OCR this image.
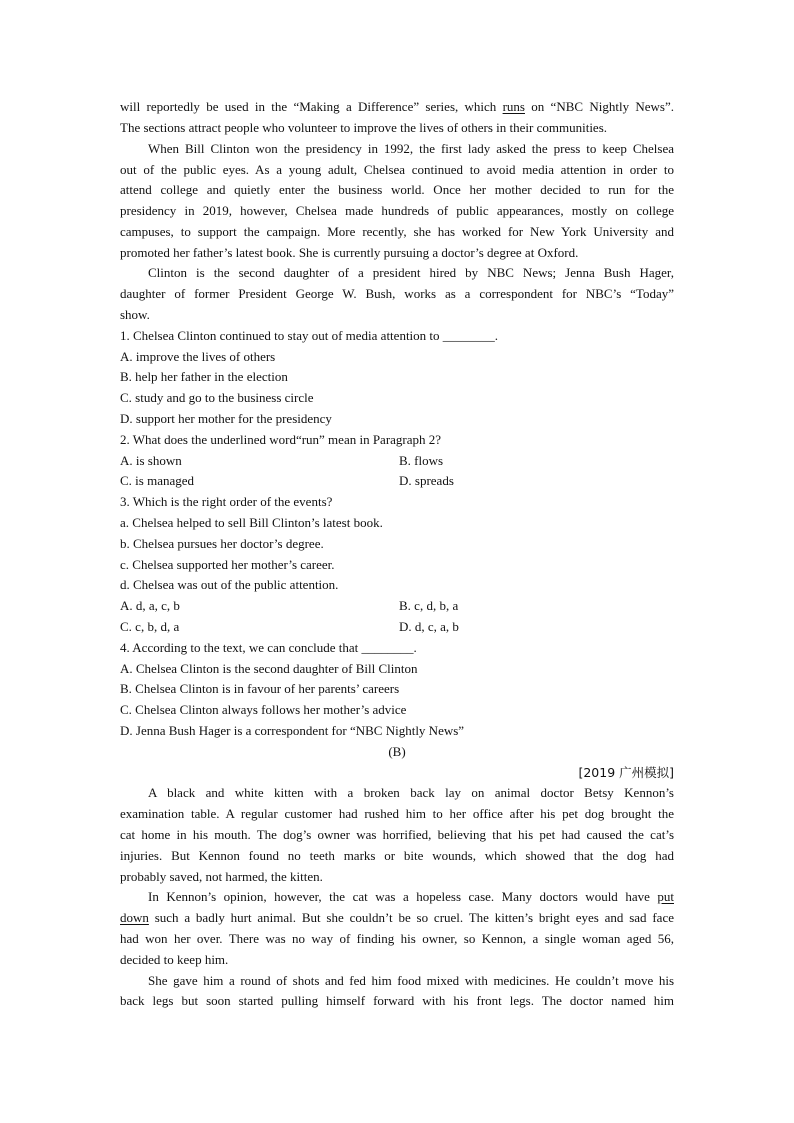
will reportedly be used in the “Making a Difference” series, which runs on “NBC Nightly News”.
The sections attract people who volunteer to improve the lives of others in their communities.
When Bill Clinton won the presidency in 1992, the first lady asked the press to keep Chelsea
out of the public eyes. As a young adult, Chelsea continued to avoid media attention in order to
attend college and quietly enter the business world. Once her mother decided to run for the
presidency in 2019, however, Chelsea made hundreds of public appearances, mostly on college
campuses, to support the campaign. More recently, she has worked for New York University and
promoted her father’s latest book. She is currently pursuing a doctor’s degree at Oxford.
Clinton is the second daughter of a president hired by NBC News; Jenna Bush Hager,
daughter of former President George W. Bush, works as a correspondent for NBC’s “Today”
show.
1. Chelsea Clinton continued to stay out of media attention to ________.
A. improve the lives of others
B. help her father in the election
C. study and go to the business circle
D. support her mother for the presidency
2. What does the underlined word“run” mean in Paragraph 2?
A. is shown	B. flows
C. is managed	D. spreads
3. Which is the right order of the events?
a. Chelsea helped to sell Bill Clinton’s latest book.
b. Chelsea pursues her doctor’s degree.
c. Chelsea supported her mother’s career.
d. Chelsea was out of the public attention.
A. d, a, c, b	B. c, d, b, a
C. c, b, d, a	D. d, c, a, b
4. According to the text, we can conclude that ________.
A. Chelsea Clinton is the second daughter of Bill Clinton
B. Chelsea Clinton is in favour of her parents’ careers
C. Chelsea Clinton always follows her mother’s advice
D. Jenna Bush Hager is a correspondent for “NBC Nightly News”
(B)
[2019 广州模拟]
A black and white kitten with a broken back lay on animal doctor Betsy Kennon’s
examination table. A regular customer had rushed him to her office after his pet dog brought the
cat home in his mouth. The dog’s owner was horrified, believing that his pet had caused the cat’s
injuries. But Kennon found no teeth marks or bite wounds, which showed that the dog had
probably saved, not harmed, the kitten.
In Kennon’s opinion, however, the cat was a hopeless case. Many doctors would have put
down such a badly hurt animal. But she couldn’t be so cruel. The kitten’s bright eyes and sad face
had won her over. There was no way of finding his owner, so Kennon, a single woman aged 56,
decided to keep him.
She gave him a round of shots and fed him food mixed with medicines. He couldn’t move his
back legs but soon started pulling himself forward with his front legs. The doctor named him
